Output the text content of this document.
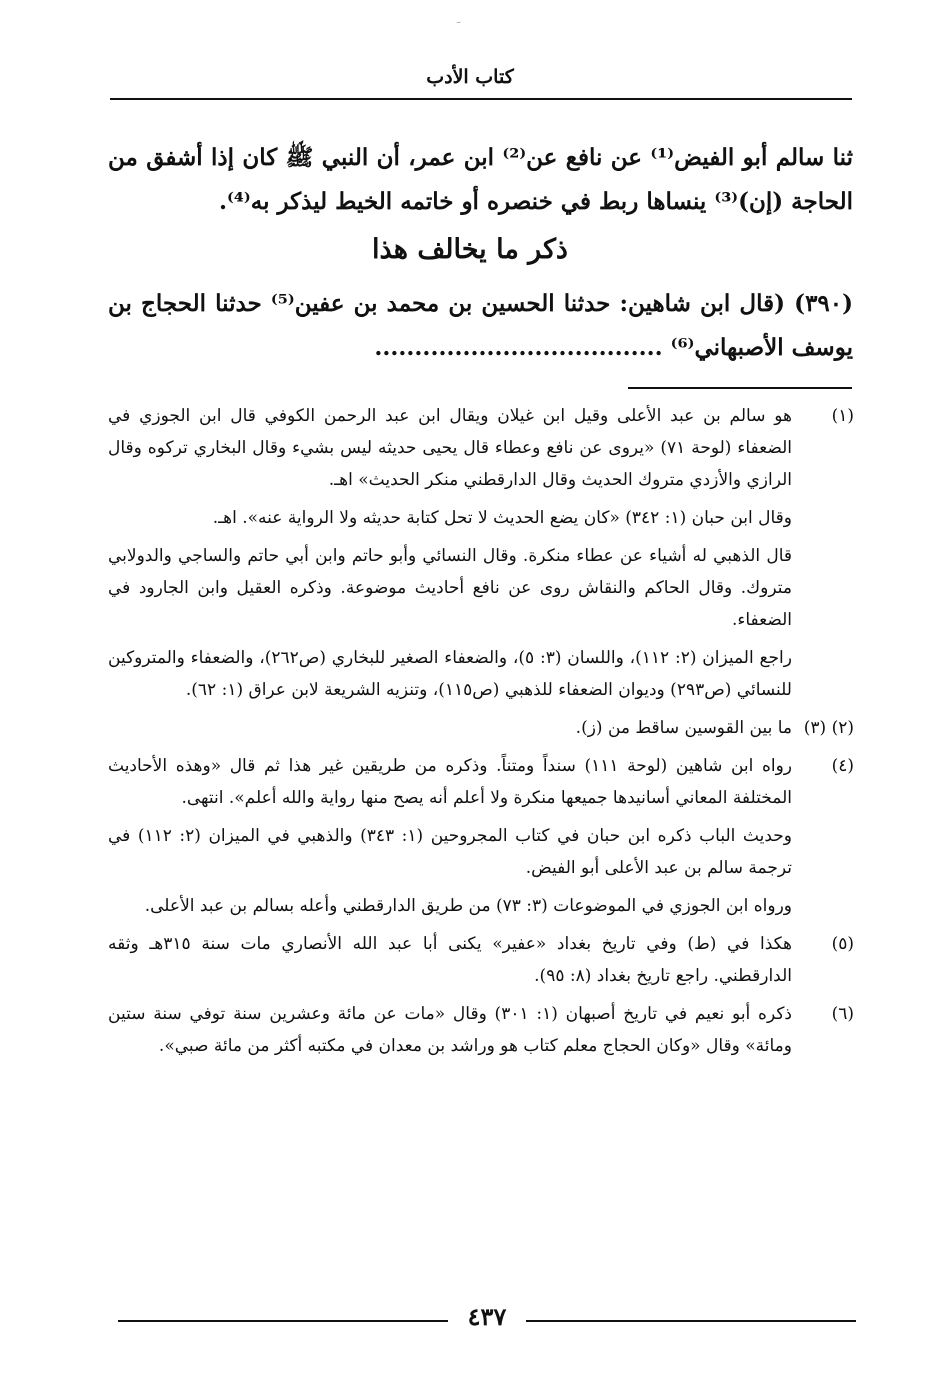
كتاب الأدب

ثنا سالم أبو الفيض⁽¹⁾ عن نافع عن⁽²⁾ ابن عمر، أن النبي ﷺ كان إذا أشفق من الحاجة (إن)⁽³⁾ ينساها ربط في خنصره أو خاتمه الخيط ليذكر به⁽⁴⁾.

ذكر ما يخالف هذا

(٣٩٠) (قال ابن شاهين: حدثنا الحسين بن محمد بن عفين⁽⁵⁾ حدثنا الحجاج بن يوسف الأصبهاني⁽⁶⁾ ....................................

(١)

هو سالم بن عبد الأعلى وقيل ابن غيلان ويقال ابن عبد الرحمن الكوفي قال ابن الجوزي في الضعفاء (لوحة ٧١) «يروى عن نافع وعطاء قال يحيى حديثه ليس بشيء وقال البخاري تركوه وقال الرازي والأزدي متروك الحديث وقال الدارقطني منكر الحديث» اهـ.

وقال ابن حبان (١: ٣٤٢) «كان يضع الحديث لا تحل كتابة حديثه ولا الرواية عنه». اهـ.

قال الذهبي له أشياء عن عطاء منكرة. وقال النسائي وأبو حاتم وابن أبي حاتم والساجي والدولابي متروك. وقال الحاكم والنقاش روى عن نافع أحاديث موضوعة. وذكره العقيل وابن الجارود في الضعفاء.

راجع الميزان (٢: ١١٢)، واللسان (٣: ٥)، والضعفاء الصغير للبخاري (ص٢٦٢)، والضعفاء والمتروكين للنسائي (ص٢٩٣) وديوان الضعفاء للذهبي (ص١١٥)، وتنزيه الشريعة لابن عراق (١: ٦٢).

(٢) (٣)

ما بين القوسين ساقط من (ز).

(٤)

رواه ابن شاهين (لوحة ١١١) سنداً ومتناً. وذكره من طريقين غير هذا ثم قال «وهذه الأحاديث المختلفة المعاني أسانيدها جميعها منكرة ولا أعلم أنه يصح منها رواية والله أعلم». انتهى.

وحديث الباب ذكره ابن حبان في كتاب المجروحين (١: ٣٤٣) والذهبي في الميزان (٢: ١١٢) في ترجمة سالم بن عبد الأعلى أبو الفيض.

ورواه ابن الجوزي في الموضوعات (٣: ٧٣) من طريق الدارقطني وأعله بسالم بن عبد الأعلى.

(٥)

هكذا في (ط) وفي تاريخ بغداد «عفير» يكنى أبا عبد الله الأنصاري مات سنة ٣١٥هـ وثقه الدارقطني. راجع تاريخ بغداد (٨: ٩٥).

(٦)

ذكره أبو نعيم في تاريخ أصبهان (١: ٣٠١) وقال «مات عن مائة وعشرين سنة توفي سنة ستين ومائة» وقال «وكان الحجاج معلم كتاب هو وراشد بن معدان في مكتبه أكثر من مائة صبي».

٤٣٧
